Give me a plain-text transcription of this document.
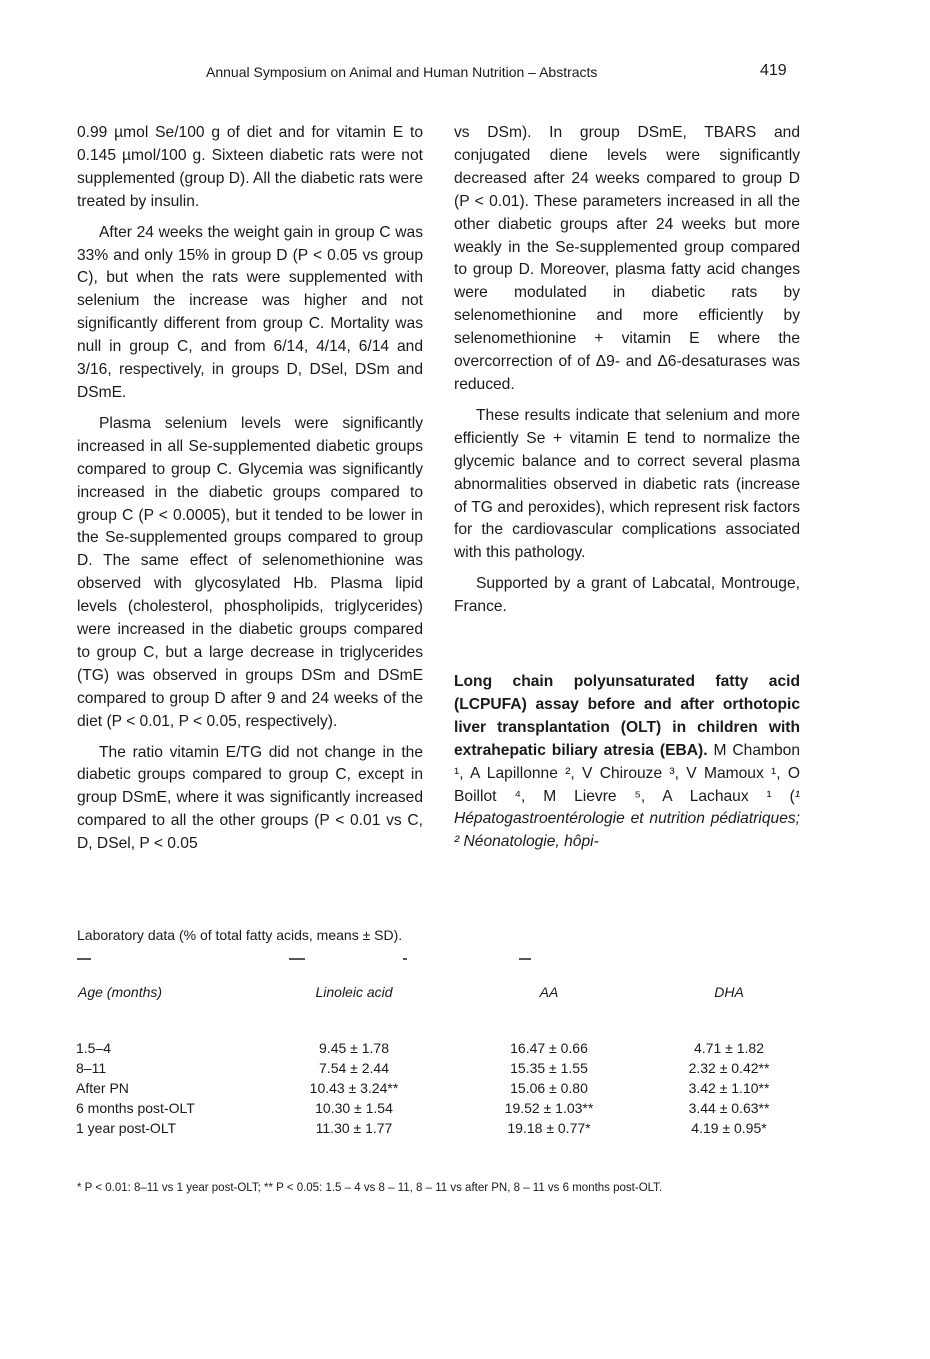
Annual Symposium on Animal and Human Nutrition – Abstracts	419

0.99 µmol Se/100 g of diet and for vitamin E to 0.145 µmol/100 g. Sixteen diabetic rats were not supplemented (group D). All the diabetic rats were treated by insulin.

After 24 weeks the weight gain in group C was 33% and only 15% in group D (P < 0.05 vs group C), but when the rats were supplemented with selenium the increase was higher and not significantly different from group C. Mortality was null in group C, and from 6/14, 4/14, 6/14 and 3/16, respectively, in groups D, DSel, DSm and DSmE.

Plasma selenium levels were significantly increased in all Se-supplemented diabetic groups compared to group C. Glycemia was significantly increased in the diabetic groups compared to group C (P < 0.0005), but it tended to be lower in the Se-supplemented groups compared to group D. The same effect of selenomethionine was observed with glycosylated Hb. Plasma lipid levels (cholesterol, phospholipids, triglycerides) were increased in the diabetic groups compared to group C, but a large decrease in triglycerides (TG) was observed in groups DSm and DSmE compared to group D after 9 and 24 weeks of the diet (P < 0.01, P < 0.05, respectively).

The ratio vitamin E/TG did not change in the diabetic groups compared to group C, except in group DSmE, where it was significantly increased compared to all the other groups (P < 0.01 vs C, D, DSel, P < 0.05

vs DSm). In group DSmE, TBARS and conjugated diene levels were significantly decreased after 24 weeks compared to group D (P < 0.01). These parameters increased in all the other diabetic groups after 24 weeks but more weakly in the Se-supplemented group compared to group D. Moreover, plasma fatty acid changes were modulated in diabetic rats by selenomethionine and more efficiently by selenomethionine + vitamin E where the overcorrection of of Δ9- and Δ6-desaturases was reduced.

These results indicate that selenium and more efficiently Se + vitamin E tend to normalize the glycemic balance and to correct several plasma abnormalities observed in diabetic rats (increase of TG and peroxides), which represent risk factors for the cardiovascular complications associated with this pathology.

Supported by a grant of Labcatal, Montrouge, France.

Long chain polyunsaturated fatty acid (LCPUFA) assay before and after orthotopic liver transplantation (OLT) in children with extrahepatic biliary atresia (EBA). M Chambon ¹, A Lapillonne ², V Chirouze ³, V Mamoux ¹, O Boillot ⁴, M Lievre ⁵, A Lachaux ¹ (¹ Hépatogastroentérologie et nutrition pédiatriques; ² Néonatologie, hôpi-
Laboratory data (% of total fatty acids, means ± SD).
Age (months)	Linoleic acid	AA	DHA
1.5–4	9.45 ± 1.78	16.47 ± 0.66	4.71 ± 1.82
8–11	7.54 ± 2.44	15.35 ± 1.55	2.32 ± 0.42**
After PN	10.43 ± 3.24**	15.06 ± 0.80	3.42 ± 1.10**
6 months post-OLT	10.30 ± 1.54	19.52 ± 1.03**	3.44 ± 0.63**
1 year post-OLT	11.30 ± 1.77	19.18 ± 0.77*	4.19 ± 0.95*
* P < 0.01: 8–11 vs 1 year post-OLT; ** P < 0.05: 1.5 – 4 vs 8 – 11, 8 – 11 vs after PN, 8 – 11 vs 6 months post-OLT.
